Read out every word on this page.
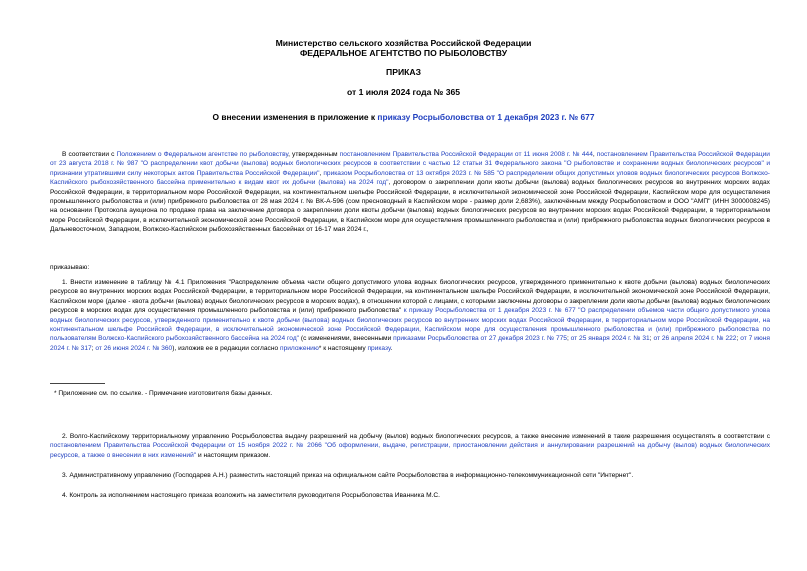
Министерство сельского хозяйства Российской Федерации
ФЕДЕРАЛЬНОЕ АГЕНТСТВО ПО РЫБОЛОВСТВУ
ПРИКАЗ
от 1 июля 2024 года № 365
О внесении изменения в приложение к приказу Росрыболовства от 1 декабря 2023 г. № 677
В соответствии с Положением о Федеральном агентстве по рыболовству, утвержденным постановлением Правительства Российской Федерации от 11 июня 2008 г. № 444, постановлением Правительства Российской Федерации от 23 августа 2018 г. № 987 "О распределении квот добычи (вылова) водных биологических ресурсов в соответствии с частью 12 статьи 31 Федерального закона "О рыболовстве и сохранении водных биологических ресурсов" и признании утратившими силу некоторых актов Правительства Российской Федерации", приказом Росрыболовства от 13 октября 2023 г. № 585 "О распределении общих допустимых уловов водных биологических ресурсов Волжско-Каспийского рыбохозяйственного бассейна применительно к видам квот их добычи (вылова) на 2024 год", договором о закреплении доли квоты добычи (вылова) водных биологических ресурсов во внутренних морских водах Российской Федерации, в территориальном море Российской Федерации, на континентальном шельфе Российской Федерации, в исключительной экономической зоне Российской Федерации, Каспийском море для осуществления промышленного рыболовства и (или) прибрежного рыболовства от 28 мая 2024 г. № ВК-А-596 (сом пресноводный в Каспийском море - размер доли 2,683%), заключённым между Росрыболовством и ООО "АМП" (ИНН 3000008245) на основании Протокола аукциона по продаже права на заключение договора о закреплении доли квоты добычи (вылова) водных биологических ресурсов во внутренних морских водах Российской Федерации, в территориальном море Российской Федерации, в исключительной экономической зоне Российской Федерации, в Каспийском море для осуществления промышленного рыболовства и (или) прибрежного рыболовства водных биологических ресурсов в Дальневосточном, Западном, Волжско-Каспийском рыбохозяйственных бассейнах от 16-17 мая 2024 г.,
приказываю:
1. Внести изменение в таблицу № 4.1 Приложения "Распределение объема части общего допустимого улова водных биологических ресурсов, утвержденного применительно к квоте добычи (вылова) водных биологических ресурсов во внутренних морских водах Российской Федерации, в территориальном море Российской Федерации, на континентальном шельфе Российской Федерации, в исключительной экономической зоне Российской Федерации, Каспийском море (далее - квота добычи (вылова) водных биологических ресурсов в морских водах), в отношении которой с лицами, с которыми заключены договоры о закреплении доли квоты добычи (вылова) водных биологических ресурсов в морских водах для осуществления промышленного рыболовства и (или) прибрежного рыболовства" к приказу Росрыболовства от 1 декабря 2023 г. № 677 "О распределении объемов части общего допустимого улова водных биологических ресурсов, утвержденного применительно к квоте добычи (вылова) водных биологических ресурсов во внутренних морских водах Российской Федерации, в территориальном море Российской Федерации, на континентальном шельфе Российской Федерации, в исключительной экономической зоне Российской Федерации, Каспийском море для осуществления промышленного рыболовства и (или) прибрежного рыболовства по пользователям Волжско-Каспийского рыбохозяйственного бассейна на 2024 год" (с изменениями, внесенными приказами Росрыболовства от 27 декабря 2023 г. № 775; от 25 января 2024 г. № 31; от 26 апреля 2024 г. № 222; от 7 июня 2024 г. № 317; от 26 июня 2024 г. № 360), изложив ее в редакции согласно приложению* к настоящему приказу.
* Приложение см. по ссылке. - Примечание изготовителя базы данных.
2. Волго-Каспийскому территориальному управлению Росрыболовства выдачу разрешений на добычу (вылов) водных биологических ресурсов, а также внесение изменений в такие разрешения осуществлять в соответствии с постановлением Правительства Российской Федерации от 15 ноября 2022 г. № 2066 "Об оформлении, выдаче, регистрации, приостановлении действия и аннулировании разрешений на добычу (вылов) водных биологических ресурсов, а также о внесении в них изменений" и настоящим приказом.
3. Административному управлению (Господарев А.Н.) разместить настоящий приказ на официальном сайте Росрыболовства в информационно-телекоммуникационной сети "Интернет".
4. Контроль за исполнением настоящего приказа возложить на заместителя руководителя Росрыболовства Иванника М.С.
